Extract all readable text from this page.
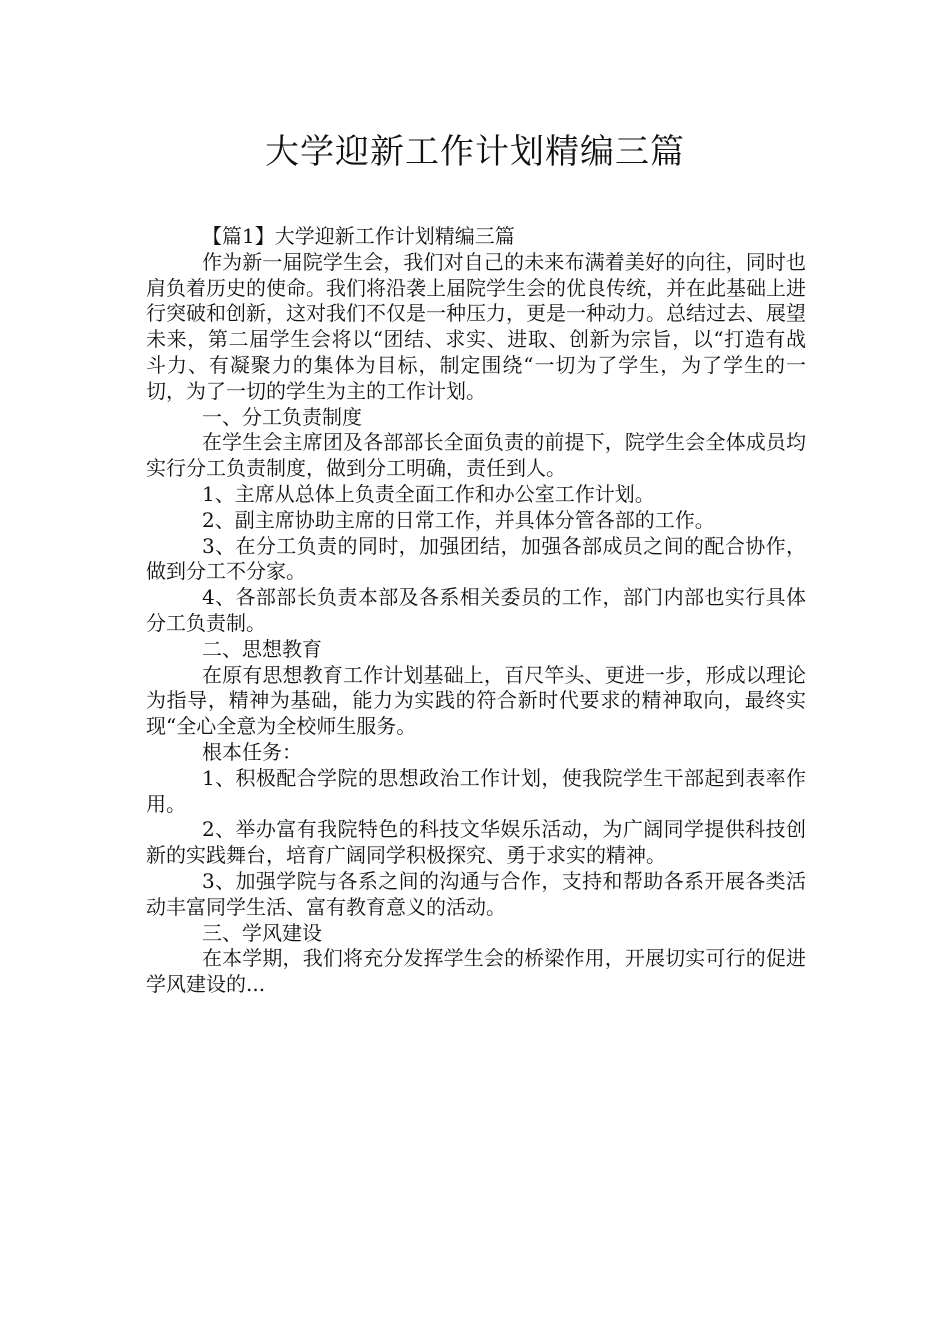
大学迎新工作计划精编三篇

【篇1】大学迎新工作计划精编三篇

作为新一届院学生会，我们对自己的未来布满着美好的向往，同时也肩负着历史的使命。我们将沿袭上届院学生会的优良传统，并在此基础上进行突破和创新，这对我们不仅是一种压力，更是一种动力。总结过去、展望未来，第二届学生会将以“团结、求实、进取、创新为宗旨，以“打造有战斗力、有凝聚力的集体为目标，制定围绕“一切为了学生，为了学生的一切，为了一切的学生为主的工作计划。

一、分工负责制度

在学生会主席团及各部部长全面负责的前提下，院学生会全体成员均实行分工负责制度，做到分工明确，责任到人。

1、主席从总体上负责全面工作和办公室工作计划。

2、副主席协助主席的日常工作，并具体分管各部的工作。

3、在分工负责的同时，加强团结，加强各部成员之间的配合协作，做到分工不分家。

4、各部部长负责本部及各系相关委员的工作，部门内部也实行具体分工负责制。

二、思想教育

在原有思想教育工作计划基础上，百尺竿头、更进一步，形成以理论为指导，精神为基础，能力为实践的符合新时代要求的精神取向，最终实现“全心全意为全校师生服务。

根本任务：

1、积极配合学院的思想政治工作计划，使我院学生干部起到表率作用。

2、举办富有我院特色的科技文华娱乐活动，为广阔同学提供科技创新的实践舞台，培育广阔同学积极探究、勇于求实的精神。

3、加强学院与各系之间的沟通与合作，支持和帮助各系开展各类活动丰富同学生活、富有教育意义的活动。

三、学风建设

在本学期，我们将充分发挥学生会的桥梁作用，开展切实可行的促进学风建设的...
